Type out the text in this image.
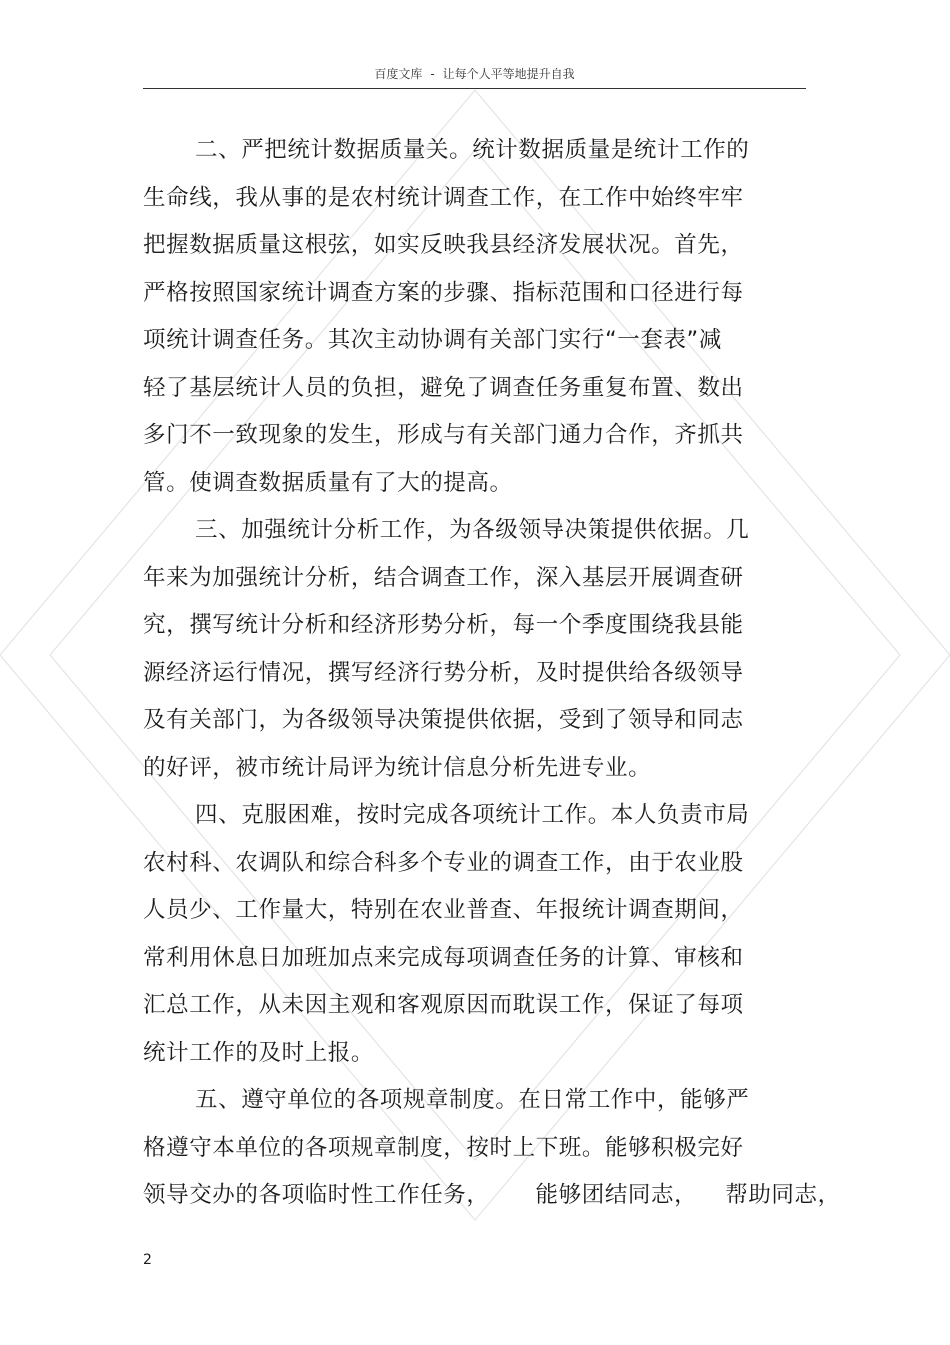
百度文库 - 让每个人平等地提升自我
二、严把统计数据质量关。统计数据质量是统计工作的
生命线，我从事的是农村统计调查工作，在工作中始终牢牢
把握数据质量这根弦，如实反映我县经济发展状况。首先，
严格按照国家统计调查方案的步骤、指标范围和口径进行每
项统计调查任务。其次主动协调有关部门实行“一套表”减
轻了基层统计人员的负担，避免了调查任务重复布置、数出
多门不一致现象的发生，形成与有关部门通力合作，齐抓共
管。使调查数据质量有了大的提高。
三、加强统计分析工作，为各级领导决策提供依据。几
年来为加强统计分析，结合调查工作，深入基层开展调查研
究，撰写统计分析和经济形势分析，每一个季度围绕我县能
源经济运行情况，撰写经济行势分析，及时提供给各级领导
及有关部门，为各级领导决策提供依据，受到了领导和同志
的好评，被市统计局评为统计信息分析先进专业。
四、克服困难，按时完成各项统计工作。本人负责市局
农村科、农调队和综合科多个专业的调查工作，由于农业股
人员少、工作量大，特别在农业普查、年报统计调查期间，
常利用休息日加班加点来完成每项调查任务的计算、审核和
汇总工作，从未因主观和客观原因而耽误工作，保证了每项
统计工作的及时上报。
五、遵守单位的各项规章制度。在日常工作中，能够严
格遵守本单位的各项规章制度，按时上下班。能够积极完好
领导交办的各项临时性工作任务， 能够团结同志， 帮助同志，
2
